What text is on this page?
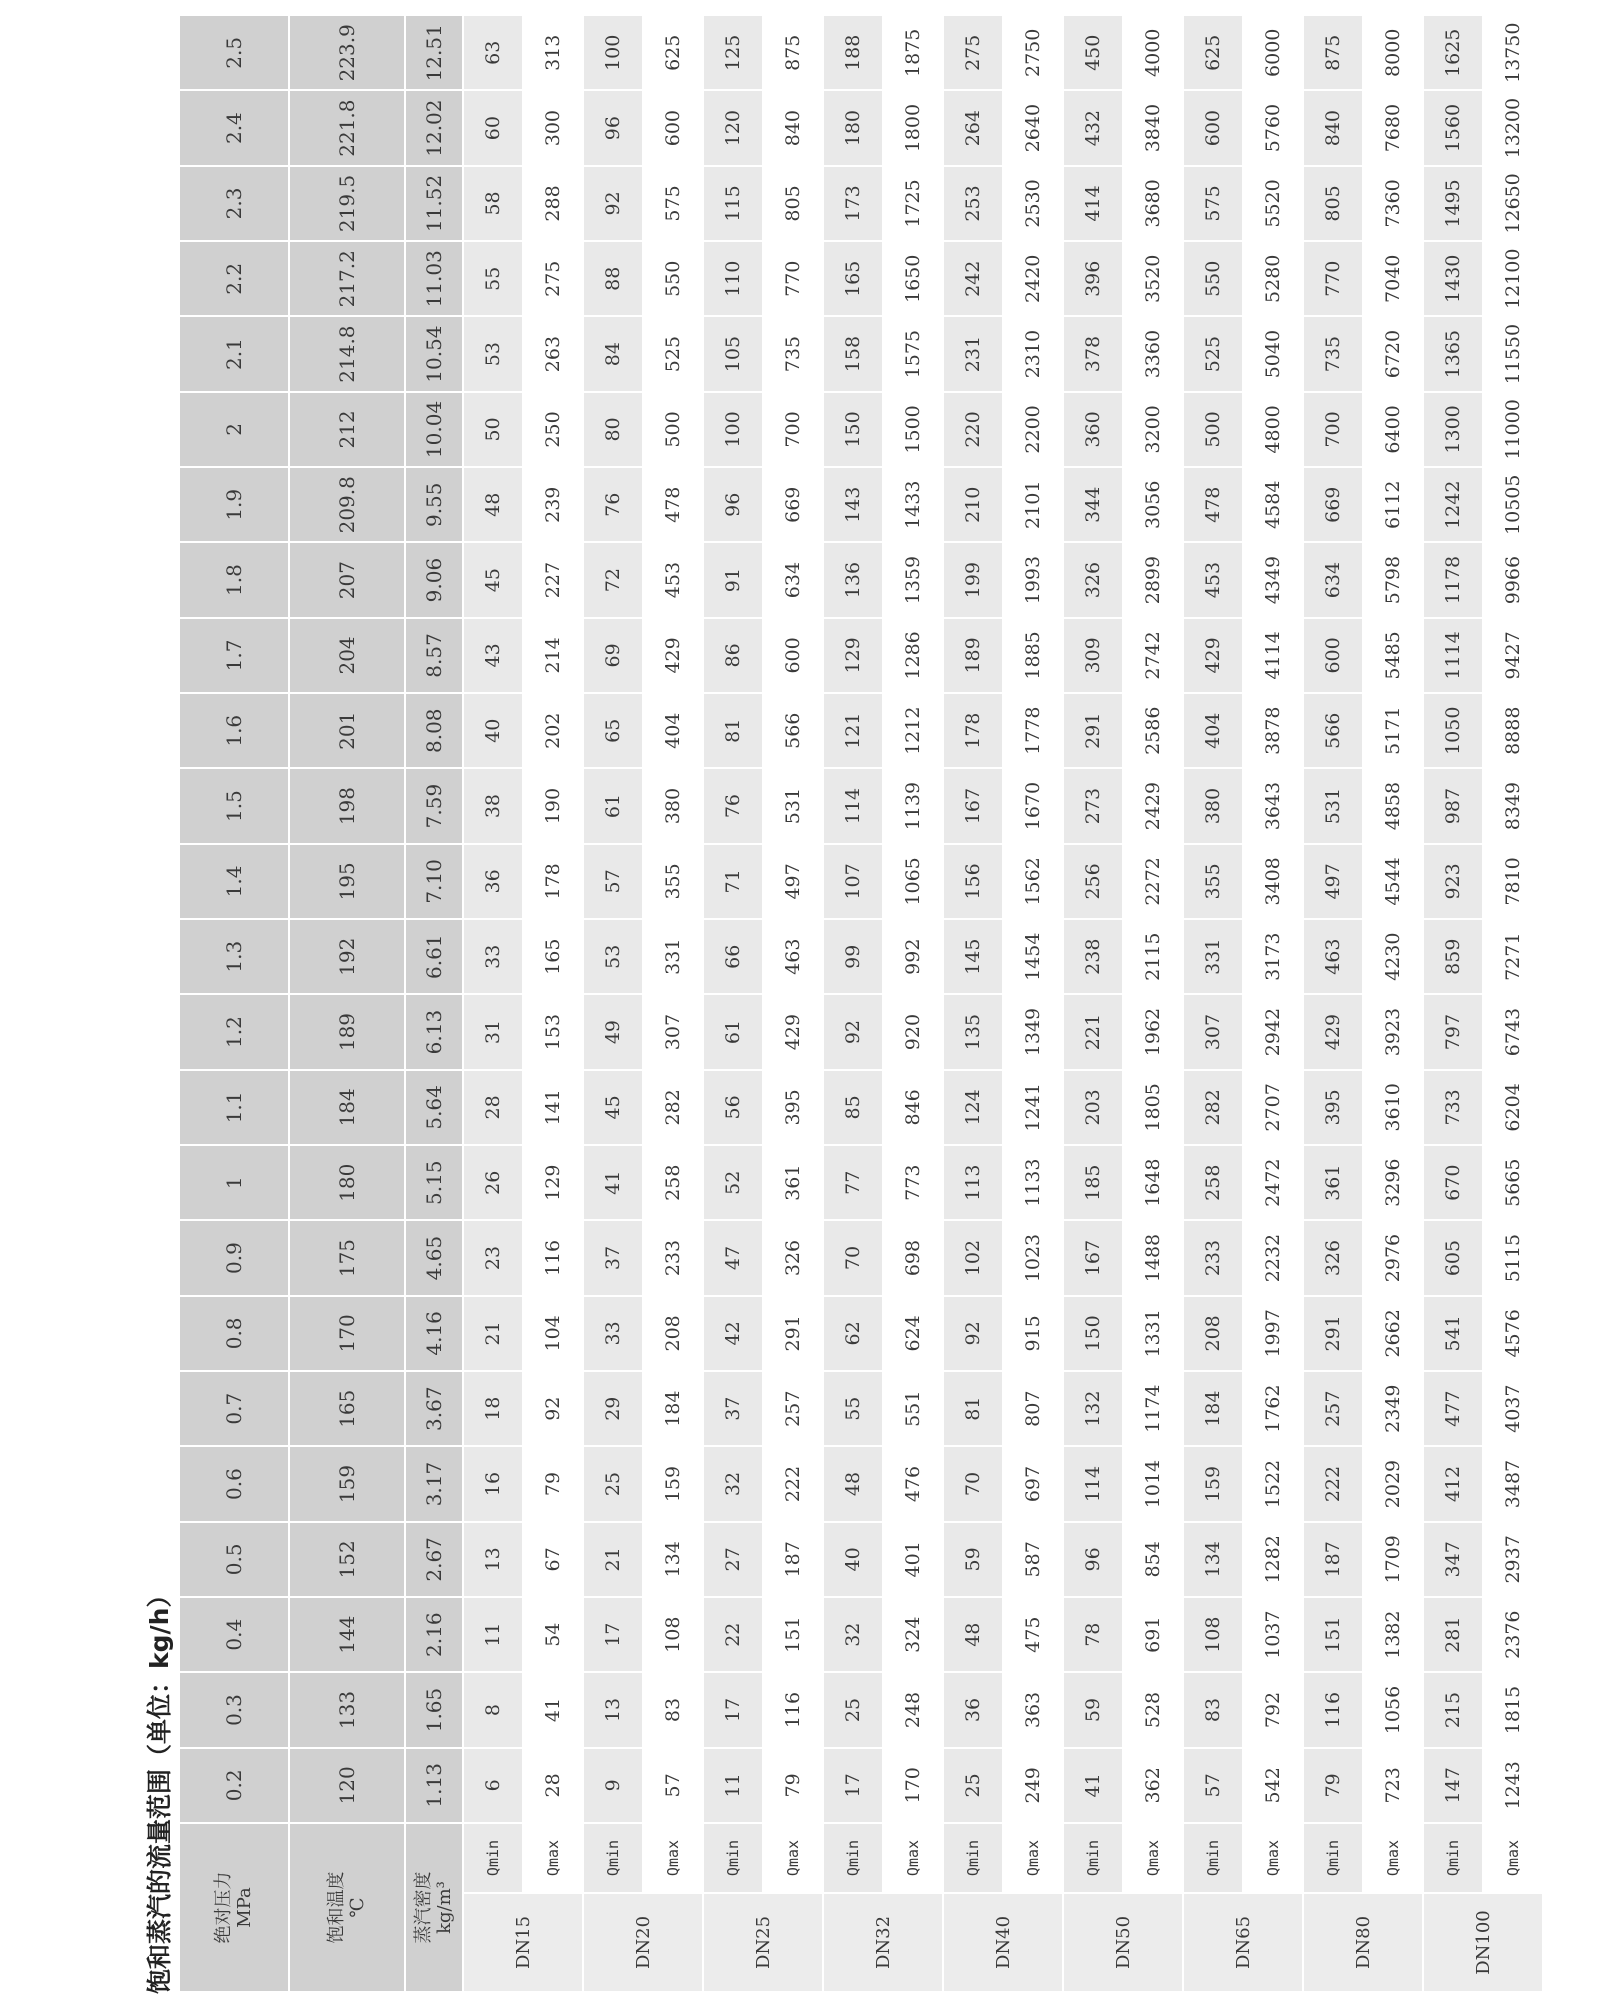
饱和蒸汽的流量范围（单位：kg/h） 绝对压力 MPa		0.2	0.3	0.4	0.5	0.6	0.7	0.8	0.9	1	1.1	1.2	1.3	1.4	1.5	1.6	1.7	1.8	1.9	2	2.1	2.2	2.3	2.4	2.5

饱和温度 ℃		120	133	144	152	159	165	170	175	180	184	189	192	195	198	201	204	207	209.8	212	214.8	217.2	219.5	221.8	223.9

蒸汽密度 kg/m³		1.13	1.65	2.16	2.67	3.17	3.67	4.16	4.65	5.15	5.64	6.13	6.61	7.10	7.59	8.08	8.57	9.06	9.55	10.04	10.54	11.03	11.52	12.02	12.51
DN15	Qmin	6	8	11	13	16	18	21	23	26	28	31	33	36	38	40	43	45	48	50	53	55	58	60	63
	Qmax	28	41	54	67	79	92	104	116	129	141	153	165	178	190	202	214	227	239	250	263	275	288	300	313
DN20	Qmin	9	13	17	21	25	29	33	37	41	45	49	53	57	61	65	69	72	76	80	84	88	92	96	100
	Qmax	57	83	108	134	159	184	208	233	258	282	307	331	355	380	404	429	453	478	500	525	550	575	600	625
DN25	Qmin	11	17	22	27	32	37	42	47	52	56	61	66	71	76	81	86	91	96	100	105	110	115	120	125
	Qmax	79	116	151	187	222	257	291	326	361	395	429	463	497	531	566	600	634	669	700	735	770	805	840	875
DN32	Qmin	17	25	32	40	48	55	62	70	77	85	92	99	107	114	121	129	136	143	150	158	165	173	180	188
	Qmax	170	248	324	401	476	551	624	698	773	846	920	992	1065	1139	1212	1286	1359	1433	1500	1575	1650	1725	1800	1875
DN40	Qmin	25	36	48	59	70	81	92	102	113	124	135	145	156	167	178	189	199	210	220	231	242	253	264	275
	Qmax	249	363	475	587	697	807	915	1023	1133	1241	1349	1454	1562	1670	1778	1885	1993	2101	2200	2310	2420	2530	2640	2750
DN50	Qmin	41	59	78	96	114	132	150	167	185	203	221	238	256	273	291	309	326	344	360	378	396	414	432	450
	Qmax	362	528	691	854	1014	1174	1331	1488	1648	1805	1962	2115	2272	2429	2586	2742	2899	3056	3200	3360	3520	3680	3840	4000
DN65	Qmin	57	83	108	134	159	184	208	233	258	282	307	331	355	380	404	429	453	478	500	525	550	575	600	625
	Qmax	542	792	1037	1282	1522	1762	1997	2232	2472	2707	2942	3173	3408	3643	3878	4114	4349	4584	4800	5040	5280	5520	5760	6000
DN80	Qmin	79	116	151	187	222	257	291	326	361	395	429	463	497	531	566	600	634	669	700	735	770	805	840	875
	Qmax	723	1056	1382	1709	2029	2349	2662	2976	3296	3610	3923	4230	4544	4858	5171	5485	5798	6112	6400	6720	7040	7360	7680	8000
DN100	Qmin	147	215	281	347	412	477	541	605	670	733	797	859	923	987	1050	1114	1178	1242	1300	1365	1430	1495	1560	1625
	Qmax	1243	1815	2376	2937	3487	4037	4576	5115	5665	6204	6743	7271	7810	8349	8888	9427	9966	10505	11000	11550	12100	12650	13200	13750
